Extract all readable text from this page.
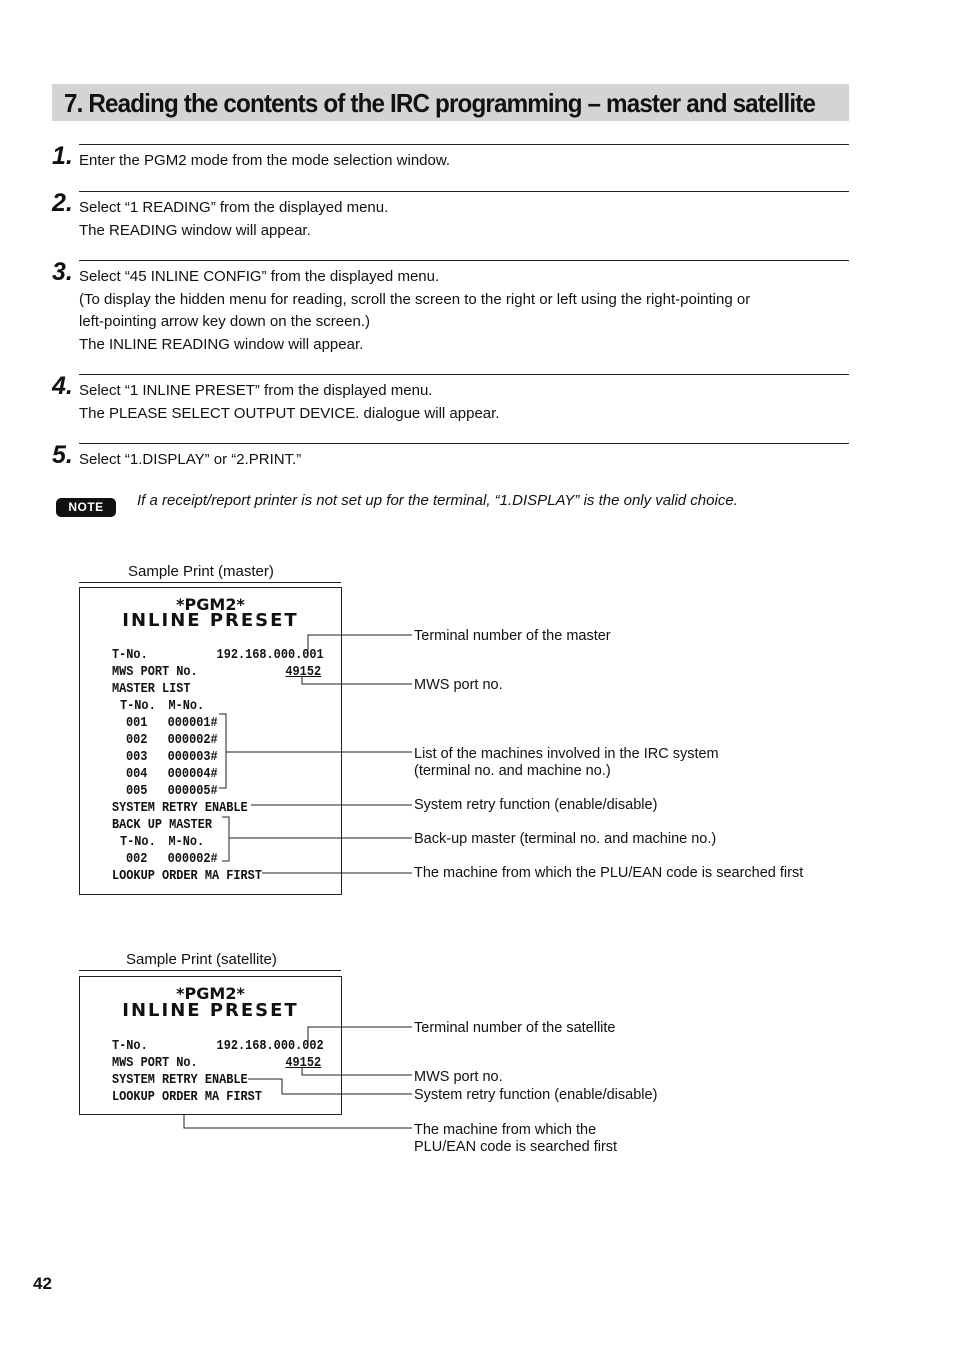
7. Reading the contents of the IRC programming – master and satellite
1. Enter the PGM2 mode from the mode selection window.
2. Select “1 READING” from the displayed menu.
The READING window will appear.
3. Select “45 INLINE CONFIG” from the displayed menu.
(To display the hidden menu for reading, scroll the screen to the right or left using the right-pointing or
left-pointing arrow key down on the screen.)
The INLINE READING window will appear.
4. Select “1 INLINE PRESET” from the displayed menu.
The PLEASE SELECT OUTPUT DEVICE. dialogue will appear.
5. Select “1.DISPLAY” or “2.PRINT.”
NOTE	If a receipt/report printer is not set up for the terminal, “1.DISPLAY” is the only valid choice.
Sample Print (master)
*PGM2*
INLINE PRESET
T-No.	192.168.000.001
MWS PORT No.	49152
MASTER LIST
T-No. M-No.
001 000001#
002 000002#
003 000003#
004 000004#
005 000005#
SYSTEM RETRY ENABLE
BACK UP MASTER
T-No. M-No.
002 000002#
LOOKUP ORDER MA FIRST
Terminal number of the master
MWS port no.
List of the machines involved in the IRC system
(terminal no. and machine no.)
System retry function (enable/disable)
Back-up master (terminal no. and machine no.)
The machine from which the PLU/EAN code is searched first
Sample Print (satellite)
*PGM2*
INLINE PRESET
T-No.	192.168.000.002
MWS PORT No.	49152
SYSTEM RETRY ENABLE
LOOKUP ORDER MA FIRST
Terminal number of the satellite
MWS port no.
System retry function (enable/disable)
The machine from which the
PLU/EAN code is searched first
42
